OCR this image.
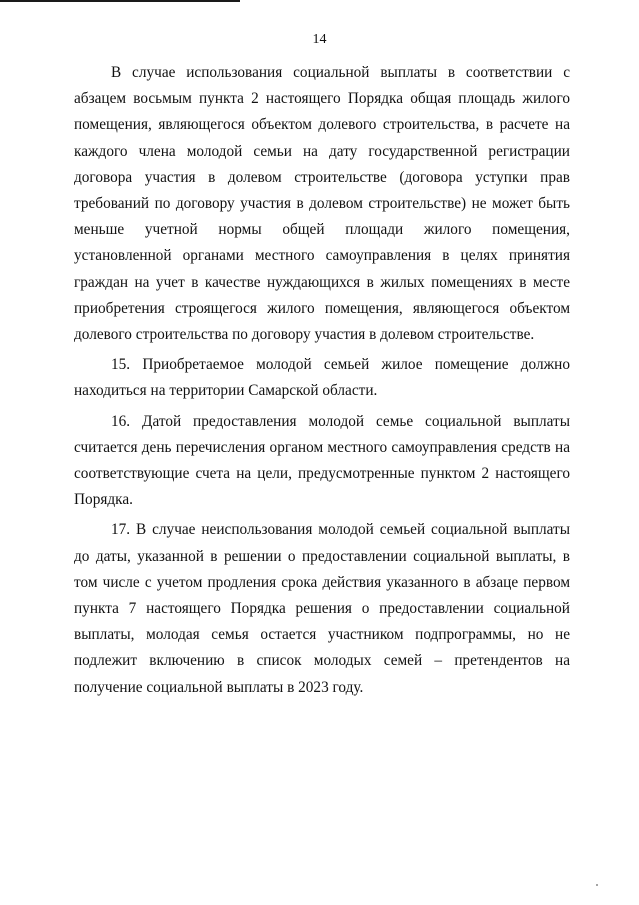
14

В случае использования социальной выплаты в соответствии с абзацем восьмым пункта 2 настоящего Порядка общая площадь жилого помещения, являющегося объектом долевого строительства, в расчете на каждого члена молодой семьи на дату государственной регистрации договора участия в долевом строительстве (договора уступки прав требований по договору участия в долевом строительстве) не может быть меньше учетной нормы общей площади жилого помещения, установленной органами местного самоуправления в целях принятия граждан на учет в качестве нуждающихся в жилых помещениях в месте приобретения строящегося жилого помещения, являющегося объектом долевого строительства по договору участия в долевом строительстве.

15. Приобретаемое молодой семьей жилое помещение должно находиться на территории Самарской области.

16. Датой предоставления молодой семье социальной выплаты считается день перечисления органом местного самоуправления средств на соответствующие счета на цели, предусмотренные пунктом 2 настоящего Порядка.

17. В случае неиспользования молодой семьей социальной выплаты до даты, указанной в решении о предоставлении социальной выплаты, в том числе с учетом продления срока действия указанного в абзаце первом пункта 7 настоящего Порядка решения о предоставлении социальной выплаты, молодая семья остается участником подпрограммы, но не подлежит включению в список молодых семей – претендентов на получение социальной выплаты в 2023 году.
